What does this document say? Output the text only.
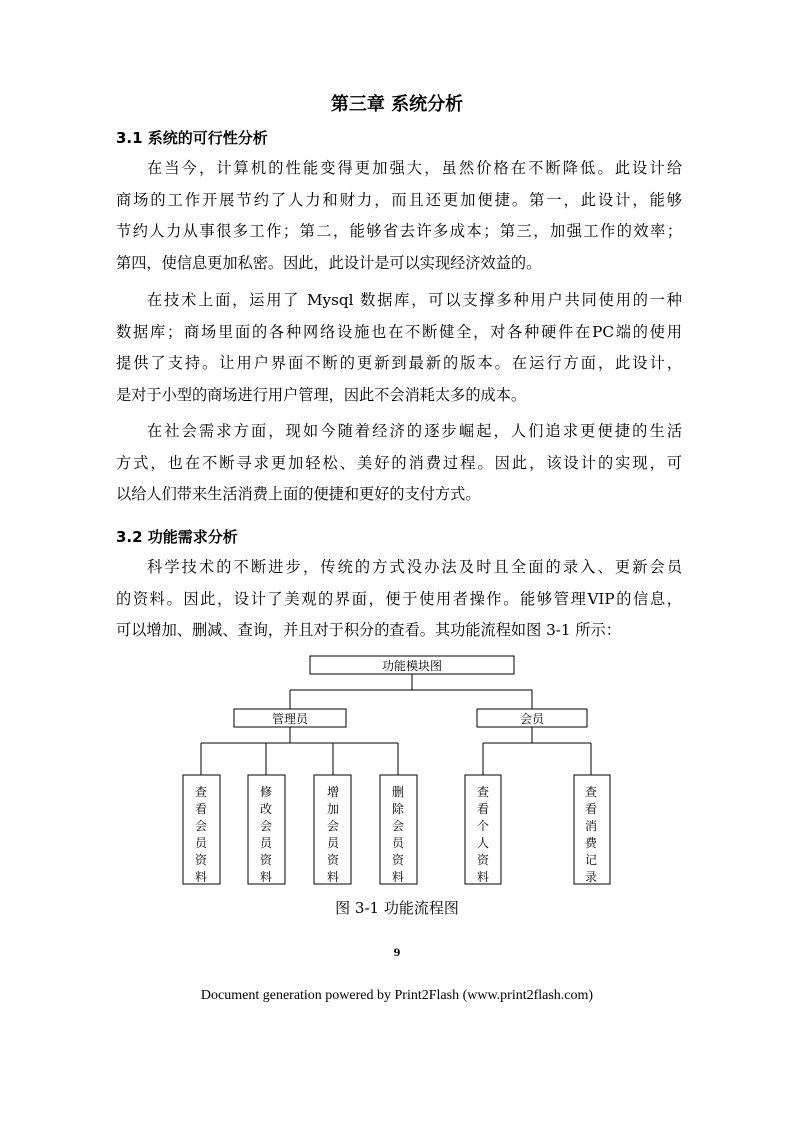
第三章 系统分析
3.1 系统的可行性分析
在当今，计算机的性能变得更加强大，虽然价格在不断降低。此设计给
商场的工作开展节约了人力和财力，而且还更加便捷。第一，此设计，能够
节约人力从事很多工作；第二，能够省去许多成本；第三，加强工作的效率；
第四，使信息更加私密。因此，此设计是可以实现经济效益的。
在技术上面，运用了 Mysql 数据库，可以支撑多种用户共同使用的一种
数据库；商场里面的各种网络设施也在不断健全，对各种硬件在PC端的使用
提供了支持。让用户界面不断的更新到最新的版本。在运行方面，此设计，
是对于小型的商场进行用户管理，因此不会消耗太多的成本。
在社会需求方面，现如今随着经济的逐步崛起，人们追求更便捷的生活
方式，也在不断寻求更加轻松、美好的消费过程。因此，该设计的实现，可
以给人们带来生活消费上面的便捷和更好的支付方式。
3.2 功能需求分析
科学技术的不断进步，传统的方式没办法及时且全面的录入、更新会员
的资料。因此，设计了美观的界面，便于使用者操作。能够管理VIP的信息，
可以增加、删减、查询，并且对于积分的查看。其功能流程如图 3-1 所示：
功能模块图
管理员	会员
查看会员资料
修改会员资料
增加会员资料
删除会员资料
查看个人资料
查看消费记录
图 3-1 功能流程图
9
Document generation powered by Print2Flash (www.print2flash.com)
